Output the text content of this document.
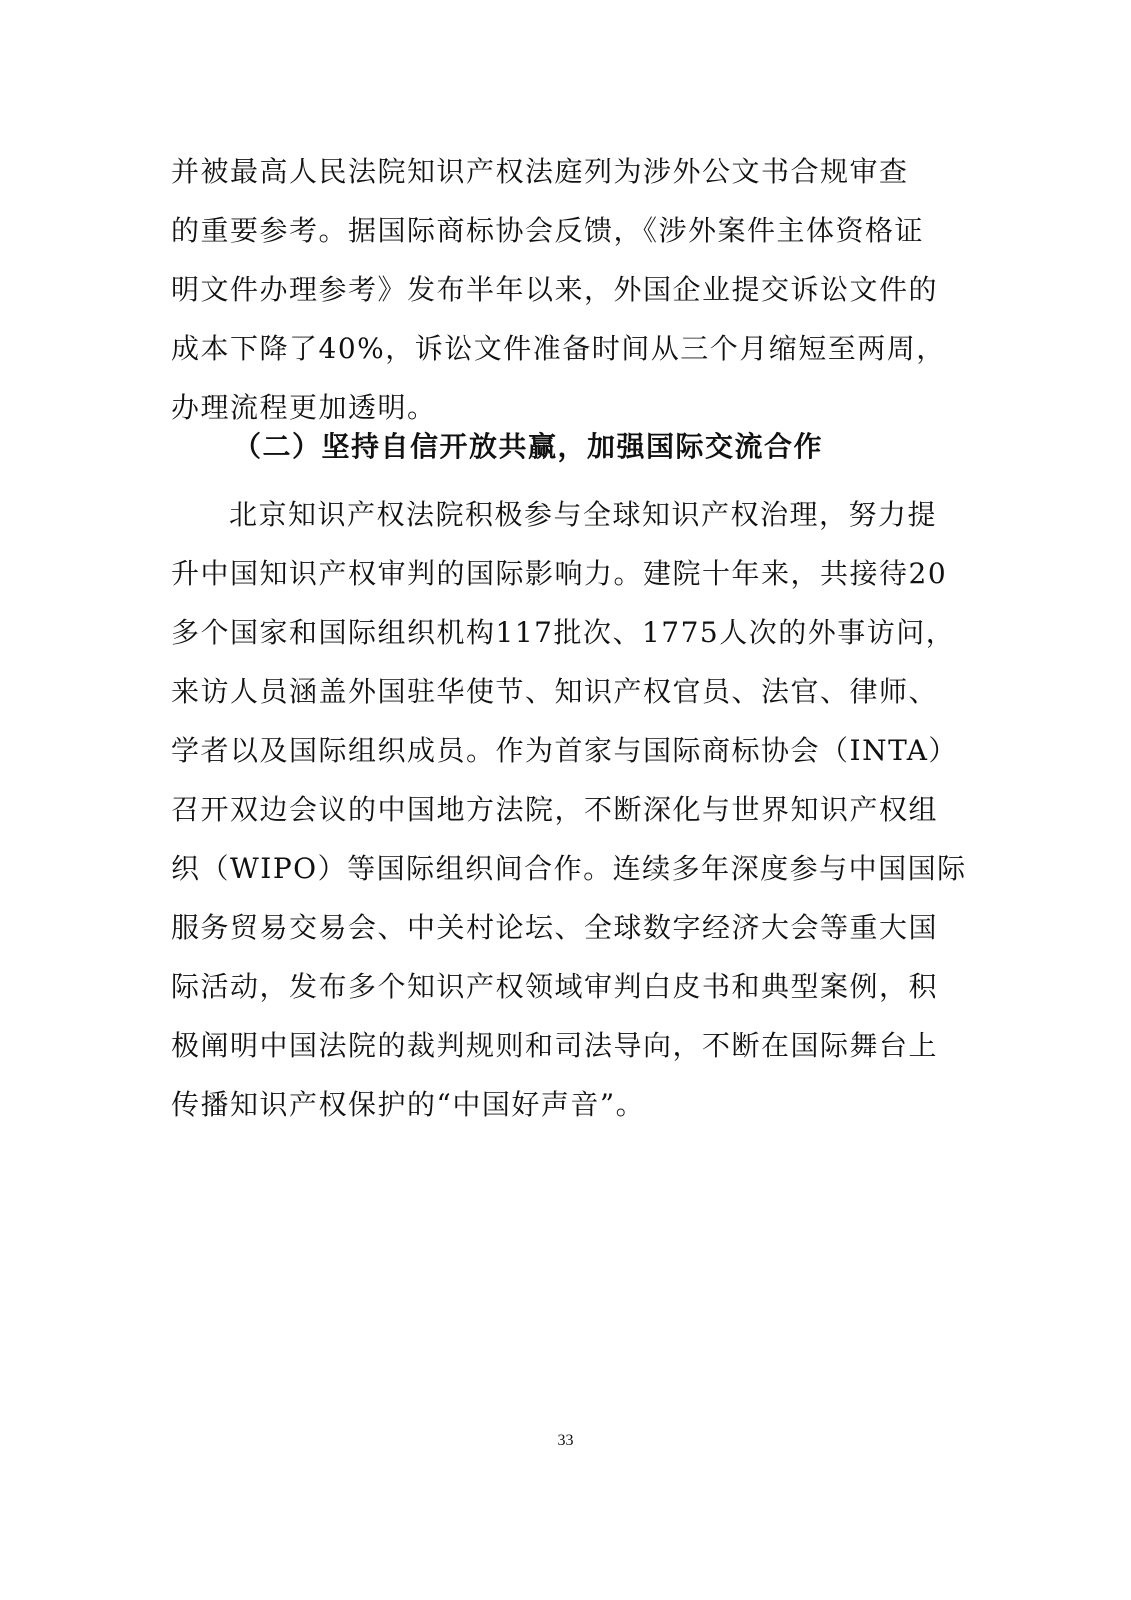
并被最高人民法院知识产权法庭列为涉外公文书合规审查
的重要参考。据国际商标协会反馈，《涉外案件主体资格证
明文件办理参考》发布半年以来，外国企业提交诉讼文件的
成本下降了40%，诉讼文件准备时间从三个月缩短至两周，
办理流程更加透明。
（二）坚持自信开放共赢，加强国际交流合作
北京知识产权法院积极参与全球知识产权治理，努力提
升中国知识产权审判的国际影响力。建院十年来，共接待20
多个国家和国际组织机构117批次、1775人次的外事访问，
来访人员涵盖外国驻华使节、知识产权官员、法官、律师、
学者以及国际组织成员。作为首家与国际商标协会（INTA）
召开双边会议的中国地方法院，不断深化与世界知识产权组
织（WIPO）等国际组织间合作。连续多年深度参与中国国际
服务贸易交易会、中关村论坛、全球数字经济大会等重大国
际活动，发布多个知识产权领域审判白皮书和典型案例，积
极阐明中国法院的裁判规则和司法导向，不断在国际舞台上
传播知识产权保护的“中国好声音”。
33
